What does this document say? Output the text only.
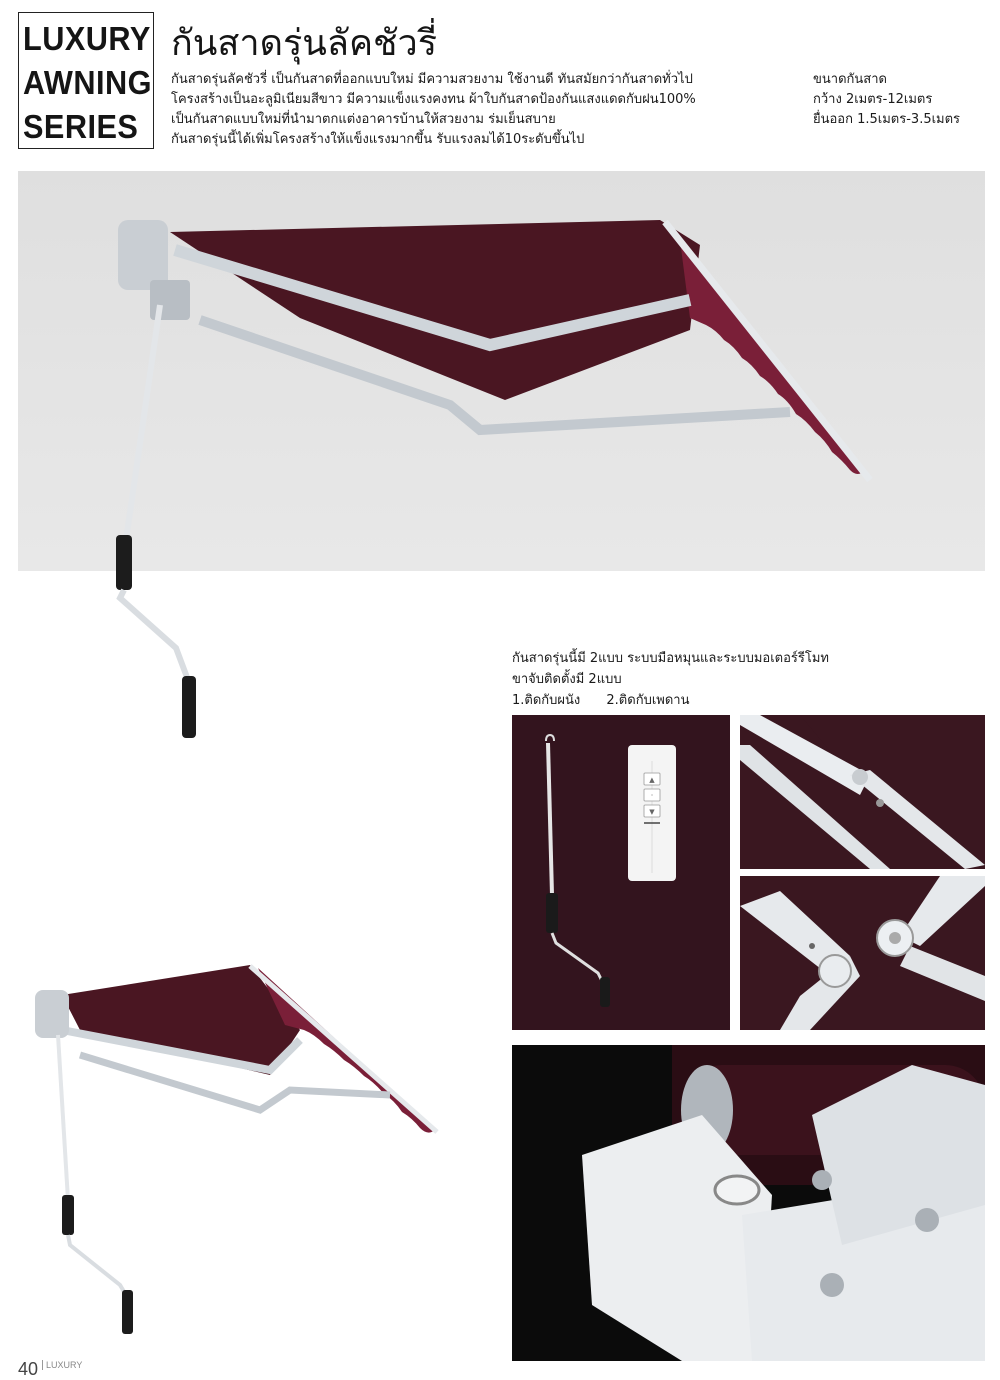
LUXURY
AWNING
SERIES
กันสาดรุ่นลัคชัวรี่
กันสาดรุ่นลัคชัวรี่ เป็นกันสาดที่ออกแบบใหม่ มีความสวยงาม ใช้งานดี ทันสมัยกว่ากันสาดทั่วไป
โครงสร้างเป็นอะลูมิเนียมสีขาว มีความแข็งแรงคงทน ผ้าใบกันสาดป้องกันแสงแดดกับฝน100%
เป็นกันสาดแบบใหม่ที่นำมาตกแต่งอาคารบ้านให้สวยงาม ร่มเย็นสบาย
กันสาดรุ่นนี้ได้เพิ่มโครงสร้างให้แข็งแรงมากขึ้น รับแรงลมได้10ระดับขึ้นไป
ขนาดกันสาด
กว้าง 2เมตร-12เมตร
ยื่นออก 1.5เมตร-3.5เมตร
กันสาดรุ่นนี้มี 2แบบ ระบบมือหมุนและระบบมอเตอร์รีโมท
ขาจับติดตั้งมี 2แบบ
1.ติดกับผนัง 2.ติดกับเพดาน
▲
·
▼
40 LUXURY
